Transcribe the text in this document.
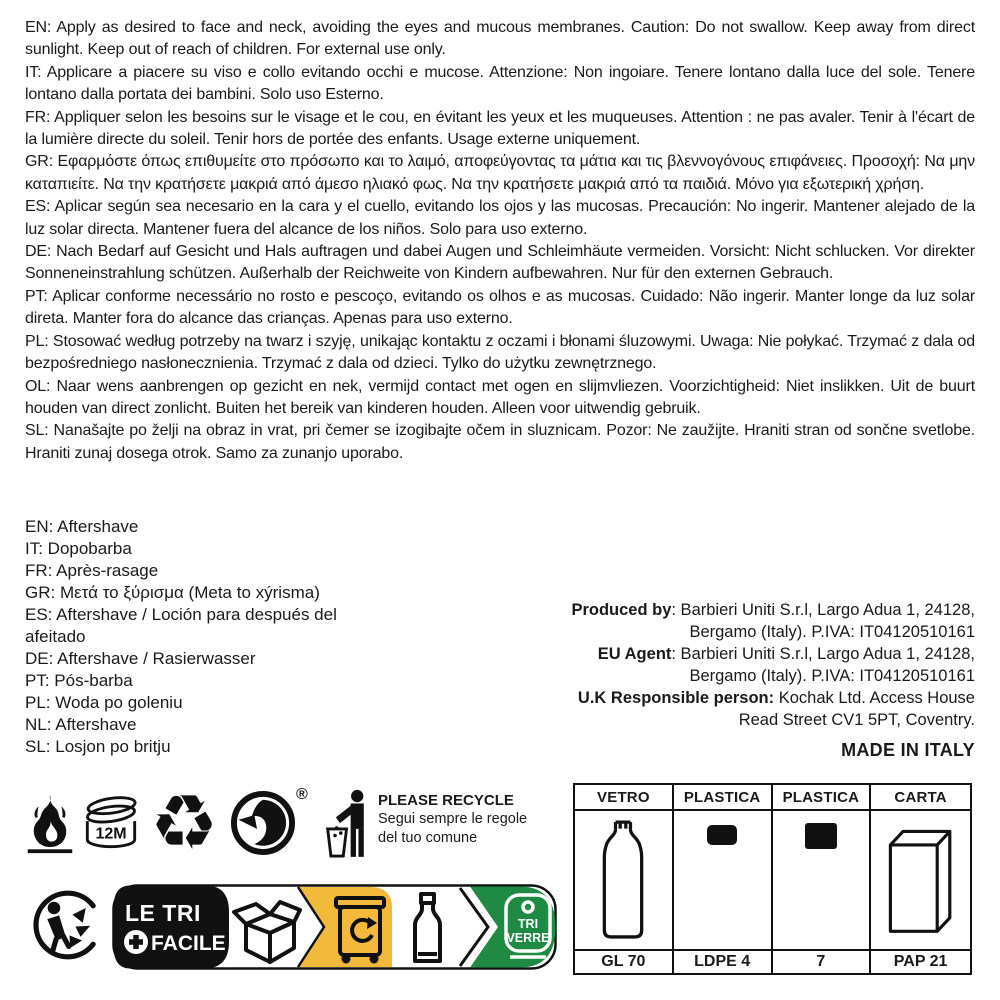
EN: Apply as desired to face and neck, avoiding the eyes and mucous membranes. Caution: Do not swallow. Keep away from direct sunlight. Keep out of reach of children. For external use only.

IT: Applicare a piacere su viso e collo evitando occhi e mucose. Attenzione: Non ingoiare. Tenere lontano dalla luce del sole. Tenere lontano dalla portata dei bambini. Solo uso Esterno.

FR: Appliquer selon les besoins sur le visage et le cou, en évitant les yeux et les muqueuses. Attention : ne pas avaler. Tenir à l'écart de la lumière directe du soleil. Tenir hors de portée des enfants. Usage externe uniquement.

GR: Εφαρμόστε όπως επιθυμείτε στο πρόσωπο και το λαιμό, αποφεύγοντας τα μάτια και τις βλεννογόνους επιφάνειες. Προσοχή: Να μην καταπιείτε. Να την κρατήσετε μακριά από άμεσο ηλιακό φως. Να την κρατήσετε μακριά από τα παιδιά. Μόνο για εξωτερική χρήση.

ES: Aplicar según sea necesario en la cara y el cuello, evitando los ojos y las mucosas. Precaución: No ingerir. Mantener alejado de la luz solar directa. Mantener fuera del alcance de los niños. Solo para uso externo.

DE: Nach Bedarf auf Gesicht und Hals auftragen und dabei Augen und Schleimhäute vermeiden. Vorsicht: Nicht schlucken. Vor direkter Sonneneinstrahlung schützen. Außerhalb der Reichweite von Kindern aufbewahren. Nur für den externen Gebrauch.

PT: Aplicar conforme necessário no rosto e pescoço, evitando os olhos e as mucosas. Cuidado: Não ingerir. Manter longe da luz solar direta. Manter fora do alcance das crianças. Apenas para uso externo.

PL: Stosować według potrzeby na twarz i szyję, unikając kontaktu z oczami i błonami śluzowymi. Uwaga: Nie połykać. Trzymać z dala od bezpośredniego nasłonecznienia. Trzymać z dala od dzieci. Tylko do użytku zewnętrznego.

OL: Naar wens aanbrengen op gezicht en nek, vermijd contact met ogen en slijmvliezen. Voorzichtigheid: Niet inslikken. Uit de buurt houden van direct zonlicht. Buiten het bereik van kinderen houden. Alleen voor uitwendig gebruik.

SL: Nanašajte po želji na obraz in vrat, pri čemer se izogibajte očem in sluznicam. Pozor: Ne zaužijte. Hraniti stran od sončne svetlobe. Hraniti zunaj dosega otrok. Samo za zunanjo uporabo.

EN: Aftershave
IT: Dopobarba
FR: Après-rasage
GR: Μετά το ξύρισμα (Meta to xýrisma)
ES: Aftershave / Loción para después del afeitado
DE: Aftershave / Rasierwasser
PT: Pós-barba
PL: Woda po goleniu
NL: Aftershave
SL: Losjon po britju
Produced by: Barbieri Uniti S.r.l, Largo Adua 1, 24128,
Bergamo (Italy). P.IVA: IT04120510161
EU Agent: Barbieri Uniti S.r.l, Largo Adua 1, 24128,
Bergamo (Italy). P.IVA: IT04120510161
U.K Responsible person: Kochak Ltd. Access House
Read Street CV1 5PT, Coventry.
MADE IN ITALY
12M ♻	®	PLEASE RECYCLE
Segui sempre le regole
del tuo comune
VETRO	PLASTICA	PLASTICA	CARTA
GL 70	LDPE 4	7	PAP 21
LE TRI
FACILE
TRI
VERRE
